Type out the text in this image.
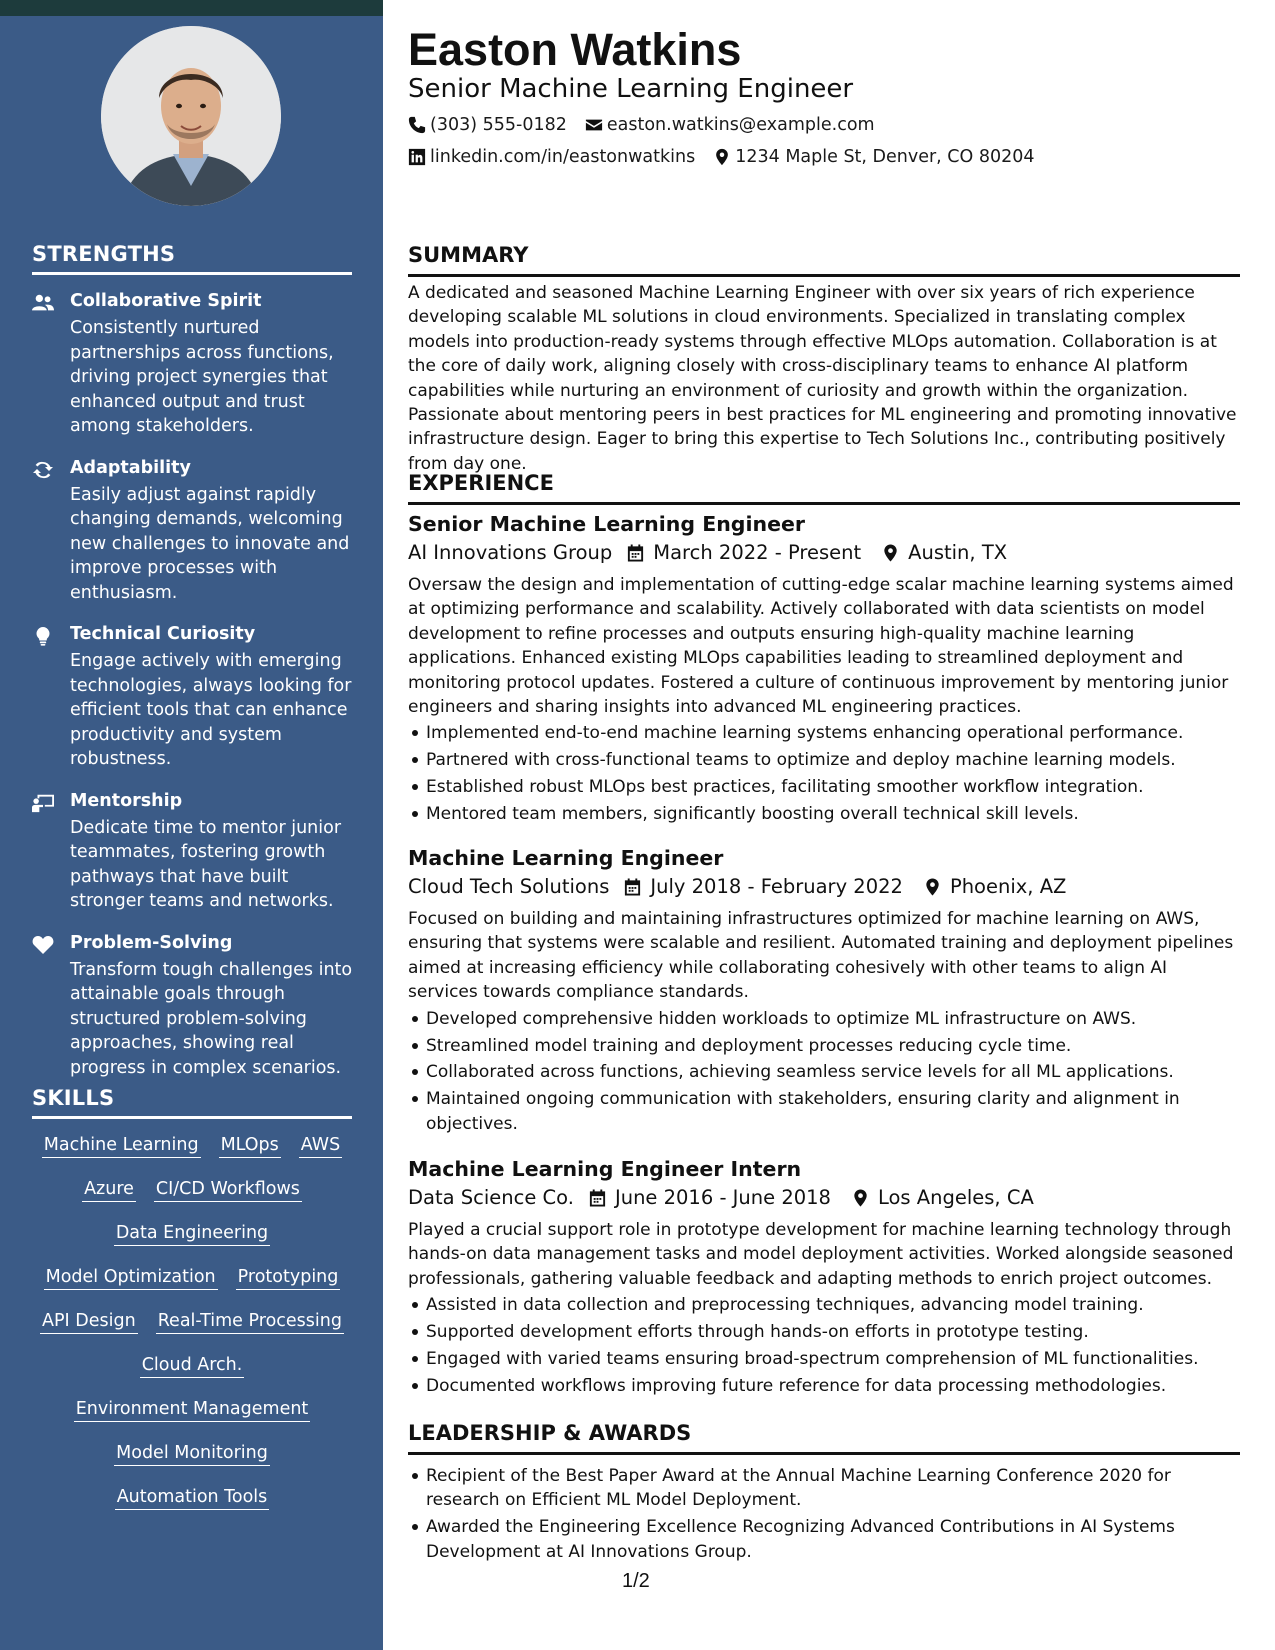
STRENGTHS
Collaborative Spirit
Consistently nurtured partnerships across functions, driving project synergies that enhanced output and trust among stakeholders.
Adaptability
Easily adjust against rapidly changing demands, welcoming new challenges to innovate and improve processes with enthusiasm.
Technical Curiosity
Engage actively with emerging technologies, always looking for efficient tools that can enhance productivity and system robustness.
Mentorship
Dedicate time to mentor junior teammates, fostering growth pathways that have built stronger teams and networks.
Problem-Solving
Transform tough challenges into attainable goals through structured problem-solving approaches, showing real progress in complex scenarios.
SKILLS
Machine Learning MLOps AWS
Azure CI/CD Workflows
Data Engineering
Model Optimization Prototyping
API Design Real-Time Processing
Cloud Arch.
Environment Management
Model Monitoring
Automation Tools
Easton Watkins
Senior Machine Learning Engineer
(303) 555-0182 easton.watkins@example.com
linkedin.com/in/eastonwatkins 1234 Maple St, Denver, CO 80204
SUMMARY
A dedicated and seasoned Machine Learning Engineer with over six years of rich experience developing scalable ML solutions in cloud environments. Specialized in translating complex models into production-ready systems through effective MLOps automation. Collaboration is at the core of daily work, aligning closely with cross-disciplinary teams to enhance AI platform capabilities while nurturing an environment of curiosity and growth within the organization. Passionate about mentoring peers in best practices for ML engineering and promoting innovative infrastructure design. Eager to bring this expertise to Tech Solutions Inc., contributing positively from day one.
EXPERIENCE
Senior Machine Learning Engineer
AI Innovations Group March 2022 - Present Austin, TX
Oversaw the design and implementation of cutting-edge scalar machine learning systems aimed at optimizing performance and scalability. Actively collaborated with data scientists on model development to refine processes and outputs ensuring high-quality machine learning applications. Enhanced existing MLOps capabilities leading to streamlined deployment and monitoring protocol updates. Fostered a culture of continuous improvement by mentoring junior engineers and sharing insights into advanced ML engineering practices.
Implemented end-to-end machine learning systems enhancing operational performance.
Partnered with cross-functional teams to optimize and deploy machine learning models.
Established robust MLOps best practices, facilitating smoother workflow integration.
Mentored team members, significantly boosting overall technical skill levels.
Machine Learning Engineer
Cloud Tech Solutions July 2018 - February 2022 Phoenix, AZ
Focused on building and maintaining infrastructures optimized for machine learning on AWS, ensuring that systems were scalable and resilient. Automated training and deployment pipelines aimed at increasing efficiency while collaborating cohesively with other teams to align AI services towards compliance standards.
Developed comprehensive hidden workloads to optimize ML infrastructure on AWS.
Streamlined model training and deployment processes reducing cycle time.
Collaborated across functions, achieving seamless service levels for all ML applications.
Maintained ongoing communication with stakeholders, ensuring clarity and alignment in objectives.
Machine Learning Engineer Intern
Data Science Co. June 2016 - June 2018 Los Angeles, CA
Played a crucial support role in prototype development for machine learning technology through hands-on data management tasks and model deployment activities. Worked alongside seasoned professionals, gathering valuable feedback and adapting methods to enrich project outcomes.
Assisted in data collection and preprocessing techniques, advancing model training.
Supported development efforts through hands-on efforts in prototype testing.
Engaged with varied teams ensuring broad-spectrum comprehension of ML functionalities.
Documented workflows improving future reference for data processing methodologies.
LEADERSHIP & AWARDS
Recipient of the Best Paper Award at the Annual Machine Learning Conference 2020 for research on Efficient ML Model Deployment.
Awarded the Engineering Excellence Recognizing Advanced Contributions in AI Systems Development at AI Innovations Group.
1/2
